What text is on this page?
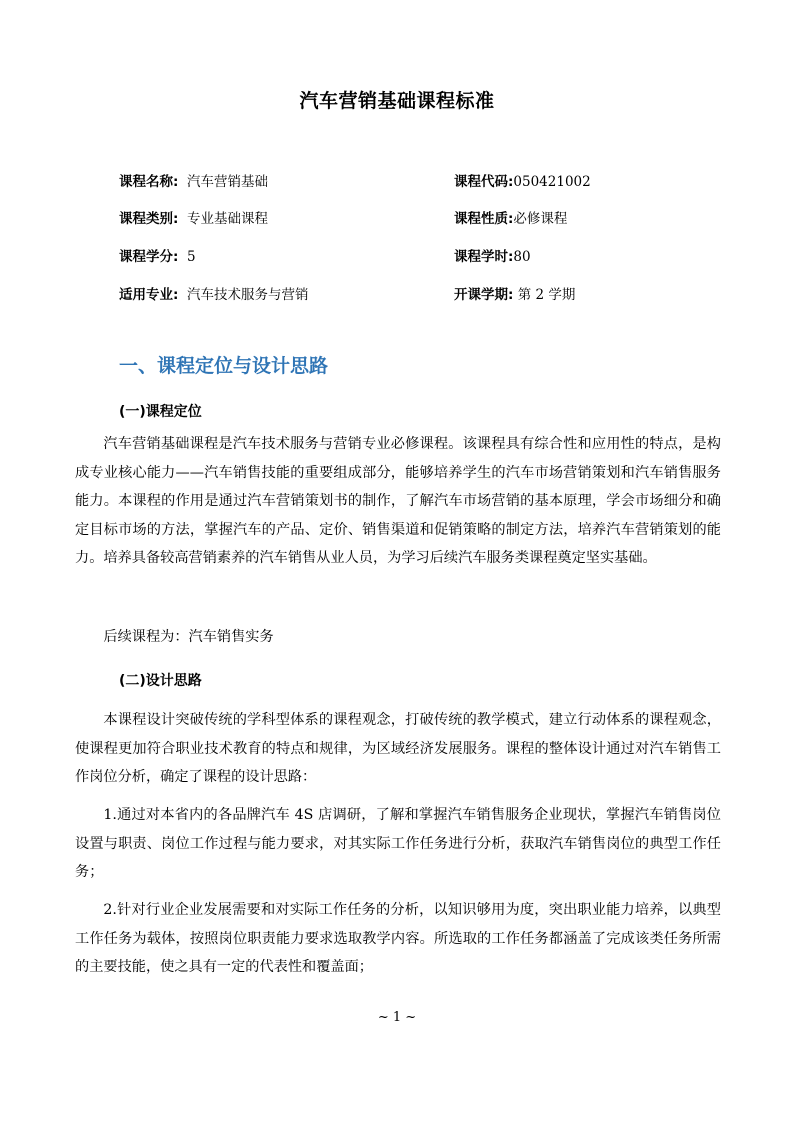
汽车营销基础课程标准
课程名称: 汽车营销基础	课程代码:050421002
课程类别: 专业基础课程	课程性质:必修课程
课程学分: 5	课程学时:80
适用专业: 汽车技术服务与营销	开课学期: 第 2 学期
一、课程定位与设计思路
(一)课程定位

汽车营销基础课程是汽车技术服务与营销专业必修课程。该课程具有综合性和应用性的特点，是构成专业核心能力——汽车销售技能的重要组成部分，能够培养学生的汽车市场营销策划和汽车销售服务能力。本课程的作用是通过汽车营销策划书的制作，了解汽车市场营销的基本原理，学会市场细分和确定目标市场的方法，掌握汽车的产品、定价、销售渠道和促销策略的制定方法，培养汽车营销策划的能力。培养具备较高营销素养的汽车销售从业人员，为学习后续汽车服务类课程奠定坚实基础。

后续课程为：汽车销售实务

(二)设计思路

本课程设计突破传统的学科型体系的课程观念，打破传统的教学模式，建立行动体系的课程观念，使课程更加符合职业技术教育的特点和规律，为区域经济发展服务。课程的整体设计通过对汽车销售工作岗位分析，确定了课程的设计思路：

1.通过对本省内的各品牌汽车 4S 店调研，了解和掌握汽车销售服务企业现状，掌握汽车销售岗位设置与职责、岗位工作过程与能力要求，对其实际工作任务进行分析，获取汽车销售岗位的典型工作任务；

2.针对行业企业发展需要和对实际工作任务的分析，以知识够用为度，突出职业能力培养，以典型工作任务为载体，按照岗位职责能力要求选取教学内容。所选取的工作任务都涵盖了完成该类任务所需的主要技能，使之具有一定的代表性和覆盖面；

~ 1 ~
